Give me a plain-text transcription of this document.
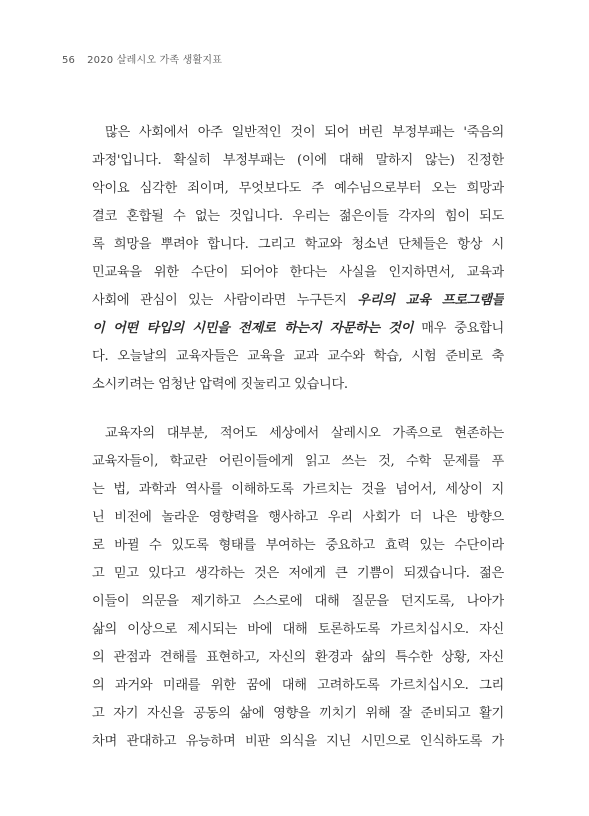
56 2020 살레시오 가족 생활지표
많은 사회에서 아주 일반적인 것이 되어 버린 부정부패는 '죽음의
과정'입니다. 확실히 부정부패는 (이에 대해 말하지 않는) 진정한
악이요 심각한 죄이며, 무엇보다도 주 예수님으로부터 오는 희망과
결코 혼합될 수 없는 것입니다. 우리는 젊은이들 각자의 힘이 되도
록 희망을 뿌려야 합니다. 그리고 학교와 청소년 단체들은 항상 시
민교육을 위한 수단이 되어야 한다는 사실을 인지하면서, 교육과
사회에 관심이 있는 사람이라면 누구든지 우리의 교육 프로그램들
이 어떤 타입의 시민을 전제로 하는지 자문하는 것이 매우 중요합니
다. 오늘날의 교육자들은 교육을 교과 교수와 학습, 시험 준비로 축
소시키려는 엄청난 압력에 짓눌리고 있습니다.
교육자의 대부분, 적어도 세상에서 살레시오 가족으로 현존하는
교육자들이, 학교란 어린이들에게 읽고 쓰는 것, 수학 문제를 푸
는 법, 과학과 역사를 이해하도록 가르치는 것을 넘어서, 세상이 지
닌 비전에 놀라운 영향력을 행사하고 우리 사회가 더 나은 방향으
로 바뀔 수 있도록 형태를 부여하는 중요하고 효력 있는 수단이라
고 믿고 있다고 생각하는 것은 저에게 큰 기쁨이 되겠습니다. 젊은
이들이 의문을 제기하고 스스로에 대해 질문을 던지도록, 나아가
삶의 이상으로 제시되는 바에 대해 토론하도록 가르치십시오. 자신
의 관점과 견해를 표현하고, 자신의 환경과 삶의 특수한 상황, 자신
의 과거와 미래를 위한 꿈에 대해 고려하도록 가르치십시오. 그리
고 자기 자신을 공동의 삶에 영향을 끼치기 위해 잘 준비되고 활기
차며 관대하고 유능하며 비판 의식을 지닌 시민으로 인식하도록 가
